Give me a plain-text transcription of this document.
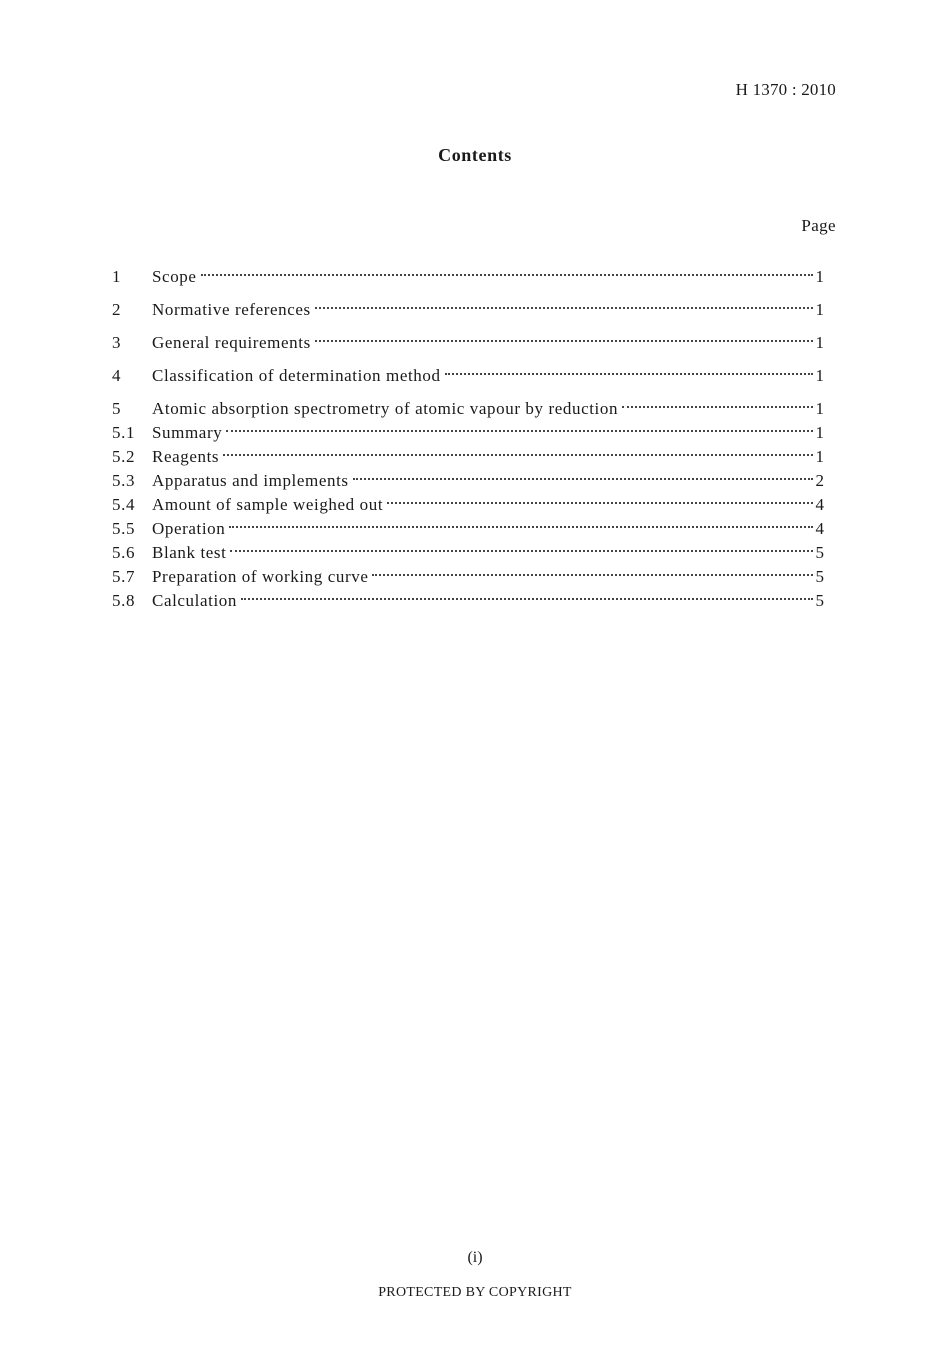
H 1370 : 2010
Contents
Page
1	Scope	1
2	Normative references	1
3	General requirements	1
4	Classification of determination method	1
5	Atomic absorption spectrometry of atomic vapour by reduction	1
5.1 Summary	1
5.2 Reagents	1
5.3 Apparatus and implements	2
5.4 Amount of sample weighed out	4
5.5 Operation	4
5.6 Blank test	5
5.7 Preparation of working curve	5
5.8 Calculation	5
(i)
PROTECTED BY COPYRIGHT
